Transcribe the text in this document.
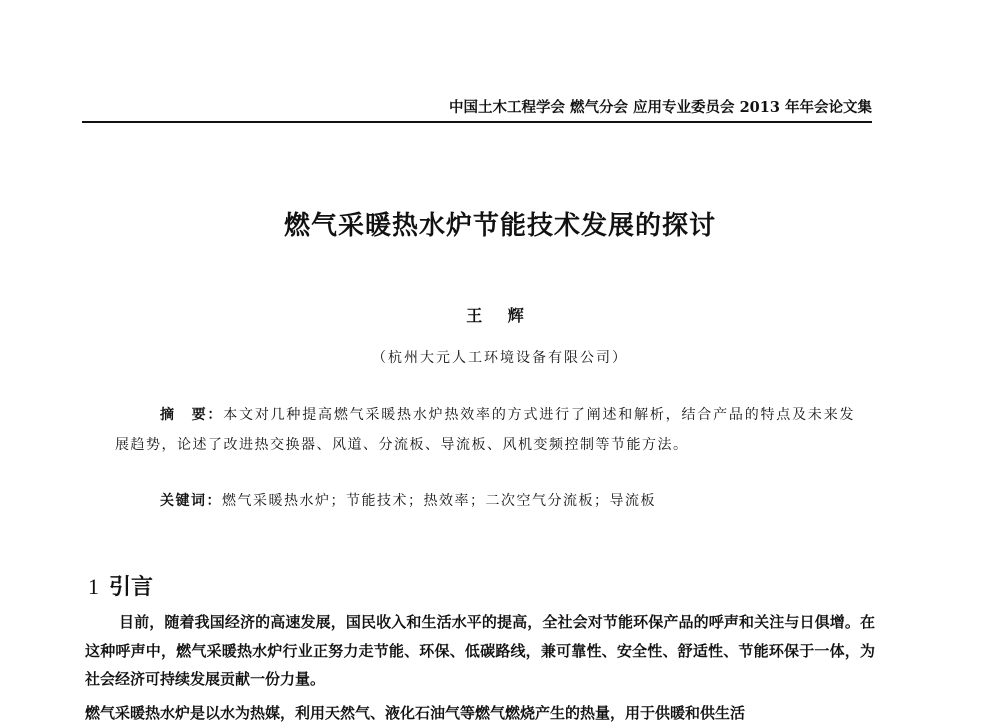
中国土木工程学会 燃气分会 应用专业委员会 2013 年年会论文集
燃气采暖热水炉节能技术发展的探讨
王 辉
（杭州大元人工环境设备有限公司）
摘　要：本文对几种提高燃气采暖热水炉热效率的方式进行了阐述和解析，结合产品的特点及未来发展趋势，论述了改进热交换器、风道、分流板、导流板、风机变频控制等节能方法。
关键词：燃气采暖热水炉；节能技术；热效率；二次空气分流板；导流板
1 引言
目前，随着我国经济的高速发展，国民收入和生活水平的提高，全社会对节能环保产品的呼声和关注与日俱增。在这种呼声中，燃气采暖热水炉行业正努力走节能、环保、低碳路线，兼可靠性、安全性、舒适性、节能环保于一体，为社会经济可持续发展贡献一份力量。
燃气采暖热水炉是以水为热媒，利用天然气、液化石油气等燃气燃烧产生的热量，用于供暖和供生活
